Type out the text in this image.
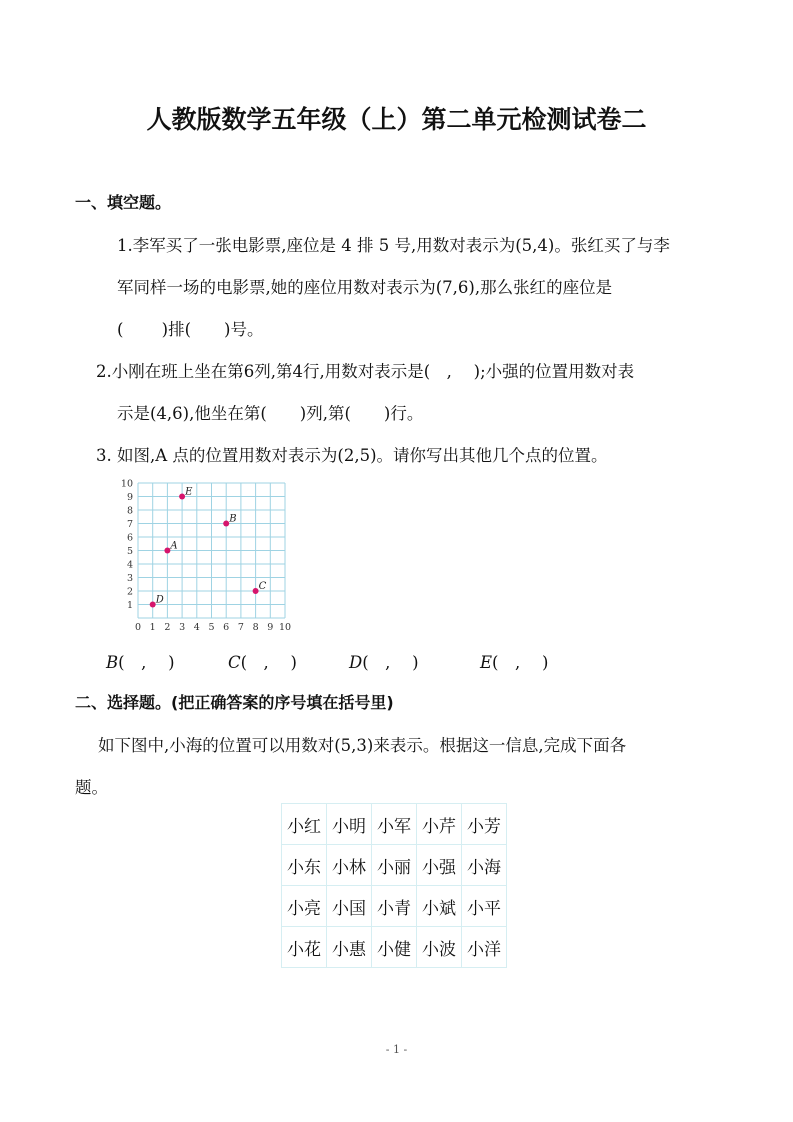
人教版数学五年级（上）第二单元检测试卷二
一、填空题。
1.李军买了一张电影票,座位是 4 排 5 号,用数对表示为(5,4)。张红买了与李
军同样一场的电影票,她的座位用数对表示为(7,6),那么张红的座位是
(　　 )排(　　)号。
2.小刚在班上坐在第6列,第4行,用数对表示是(　,　 );小强的位置用数对表
示是(4,6),他坐在第(　　)列,第(　　)行。
3. 如图,A 点的位置用数对表示为(2,5)。请你写出其他几个点的位置。
0 1 2 3 4 5 6 7 8 9 10
1
2
3
4
5
6
7
8
9
10
A
B
C
D
E
B(　,　 )	C(　,　 )	D(　,　 )	E(　,　 )
二、选择题。(把正确答案的序号填在括号里)
如下图中,小海的位置可以用数对(5,3)来表示。根据这一信息,完成下面各
题。
小红	小明	小军	小芹	小芳
小东	小林	小丽	小强	小海
小亮	小国	小青	小斌	小平
小花	小惠	小健	小波	小洋
- 1 -
